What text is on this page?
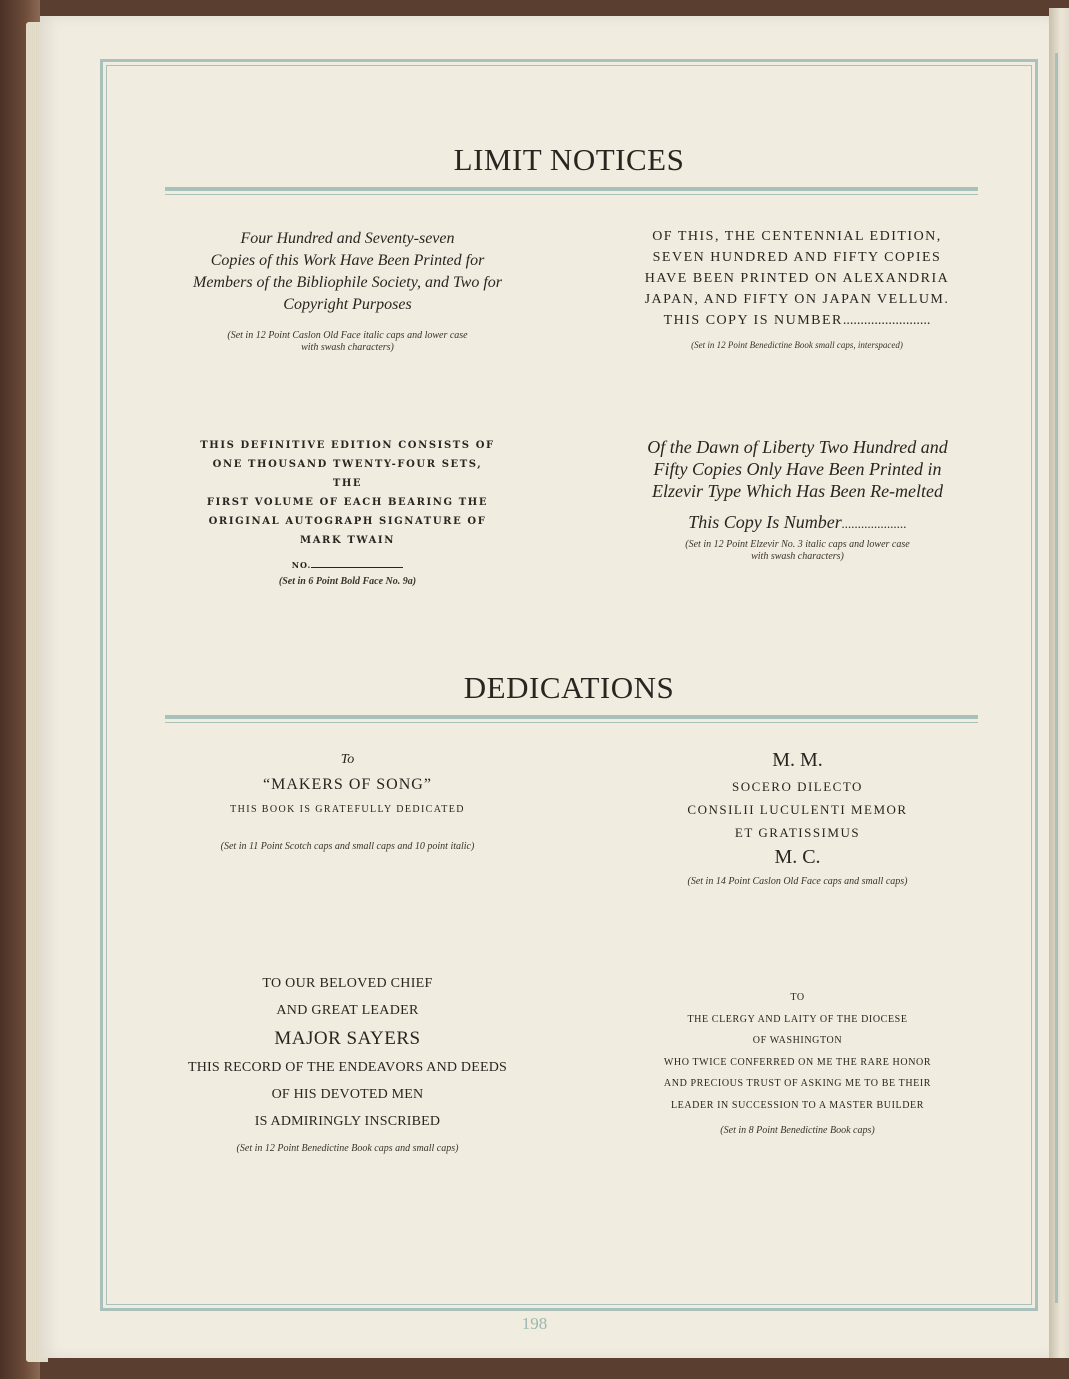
LIMIT NOTICES
Four Hundred and Seventy-seven
Copies of this Work Have Been Printed for
Members of the Bibliophile Society, and Two for
Copyright Purposes
(Set in 12 Point Caslon Old Face italic caps and lower case
with swash characters)
OF THIS, THE CENTENNIAL EDITION,
SEVEN HUNDRED AND FIFTY COPIES
HAVE BEEN PRINTED ON ALEXANDRIA
JAPAN, AND FIFTY ON JAPAN VELLUM.
THIS COPY IS NUMBER.........................
(Set in 12 Point Benedictine Book small caps, interspaced)
THIS DEFINITIVE EDITION CONSISTS OF
ONE THOUSAND TWENTY-FOUR SETS, THE
FIRST VOLUME OF EACH BEARING THE
ORIGINAL AUTOGRAPH SIGNATURE OF
MARK TWAIN
NO.
(Set in 6 Point Bold Face No. 9a)
Of the Dawn of Liberty Two Hundred and
Fifty Copies Only Have Been Printed in
Elzevir Type Which Has Been Re-melted
This Copy Is Number....................
(Set in 12 Point Elzevir No. 3 italic caps and lower case
with swash characters)
DEDICATIONS
To
“MAKERS OF SONG”
THIS BOOK IS GRATEFULLY DEDICATED
(Set in 11 Point Scotch caps and small caps and 10 point italic)
M. M.
SOCERO DILECTO
CONSILII LUCULENTI MEMOR
ET GRATISSIMUS
M. C.
(Set in 14 Point Caslon Old Face caps and small caps)
TO OUR BELOVED CHIEF
AND GREAT LEADER
MAJOR SAYERS
THIS RECORD OF THE ENDEAVORS AND DEEDS
OF HIS DEVOTED MEN
IS ADMIRINGLY INSCRIBED
(Set in 12 Point Benedictine Book caps and small caps)
TO
THE CLERGY AND LAITY OF THE DIOCESE
OF WASHINGTON
WHO TWICE CONFERRED ON ME THE RARE HONOR
AND PRECIOUS TRUST OF ASKING ME TO BE THEIR
LEADER IN SUCCESSION TO A MASTER BUILDER
(Set in 8 Point Benedictine Book caps)
198
